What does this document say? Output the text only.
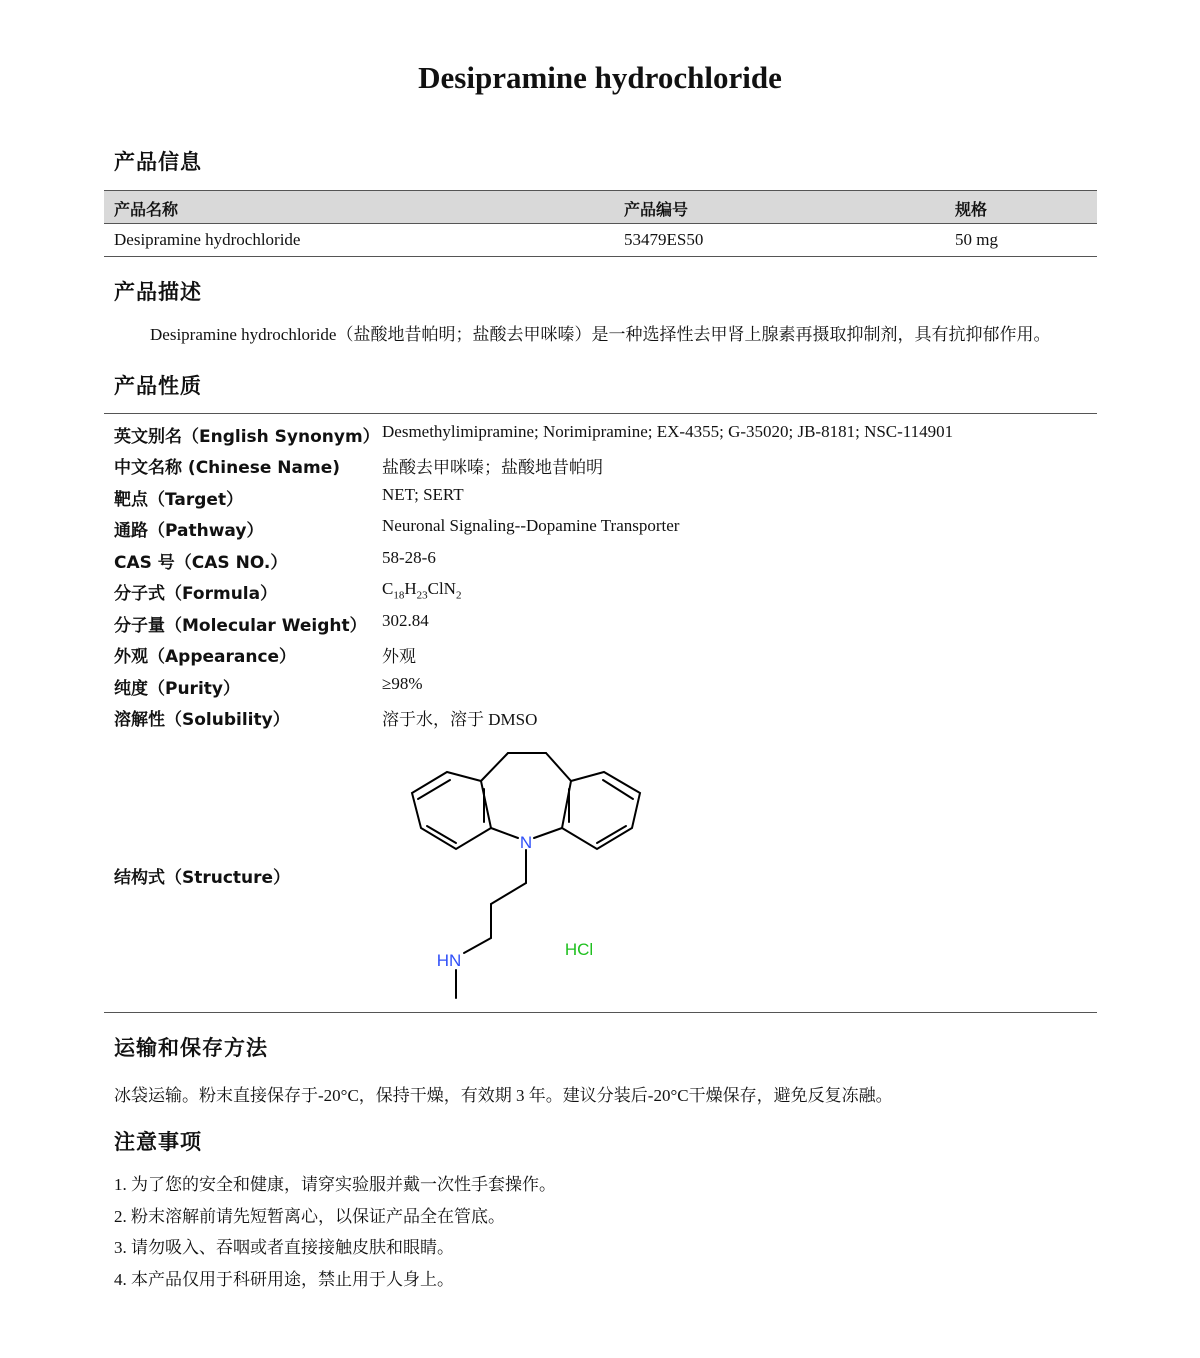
Desipramine hydrochloride
产品信息
产品名称	产品编号	规格
Desipramine hydrochloride	53479ES50	50 mg
产品描述

Desipramine hydrochloride（盐酸地昔帕明；盐酸去甲咪嗪）是一种选择性去甲肾上腺素再摄取抑制剂，具有抗抑郁作用。

产品性质
英文别名（English Synonym） Desmethylimipramine; Norimipramine; EX-4355; G-35020; JB-8181; NSC-114901
中文名称 (Chinese Name) 盐酸去甲咪嗪；盐酸地昔帕明
靶点（Target）	NET; SERT
通路（Pathway）	Neuronal Signaling--Dopamine Transporter
CAS 号（CAS NO.）	58-28-6
分子式（Formula）	$C_{18}H_{23}ClN_2$
分子量（Molecular Weight） 302.84
外观（Appearance）	外观
纯度（Purity）	≥98%
溶解性（Solubility）	溶于水，溶于 DMSO
结构式（Structure）
N
HN
HCl
运输和保存方法

冰袋运输。粉末直接保存于-20°C，保持干燥，有效期 3 年。建议分装后-20°C干燥保存，避免反复冻融。

注意事项
1. 为了您的安全和健康，请穿实验服并戴一次性手套操作。
2. 粉末溶解前请先短暂离心，以保证产品全在管底。
3. 请勿吸入、吞咽或者直接接触皮肤和眼睛。
4. 本产品仅用于科研用途，禁止用于人身上。
